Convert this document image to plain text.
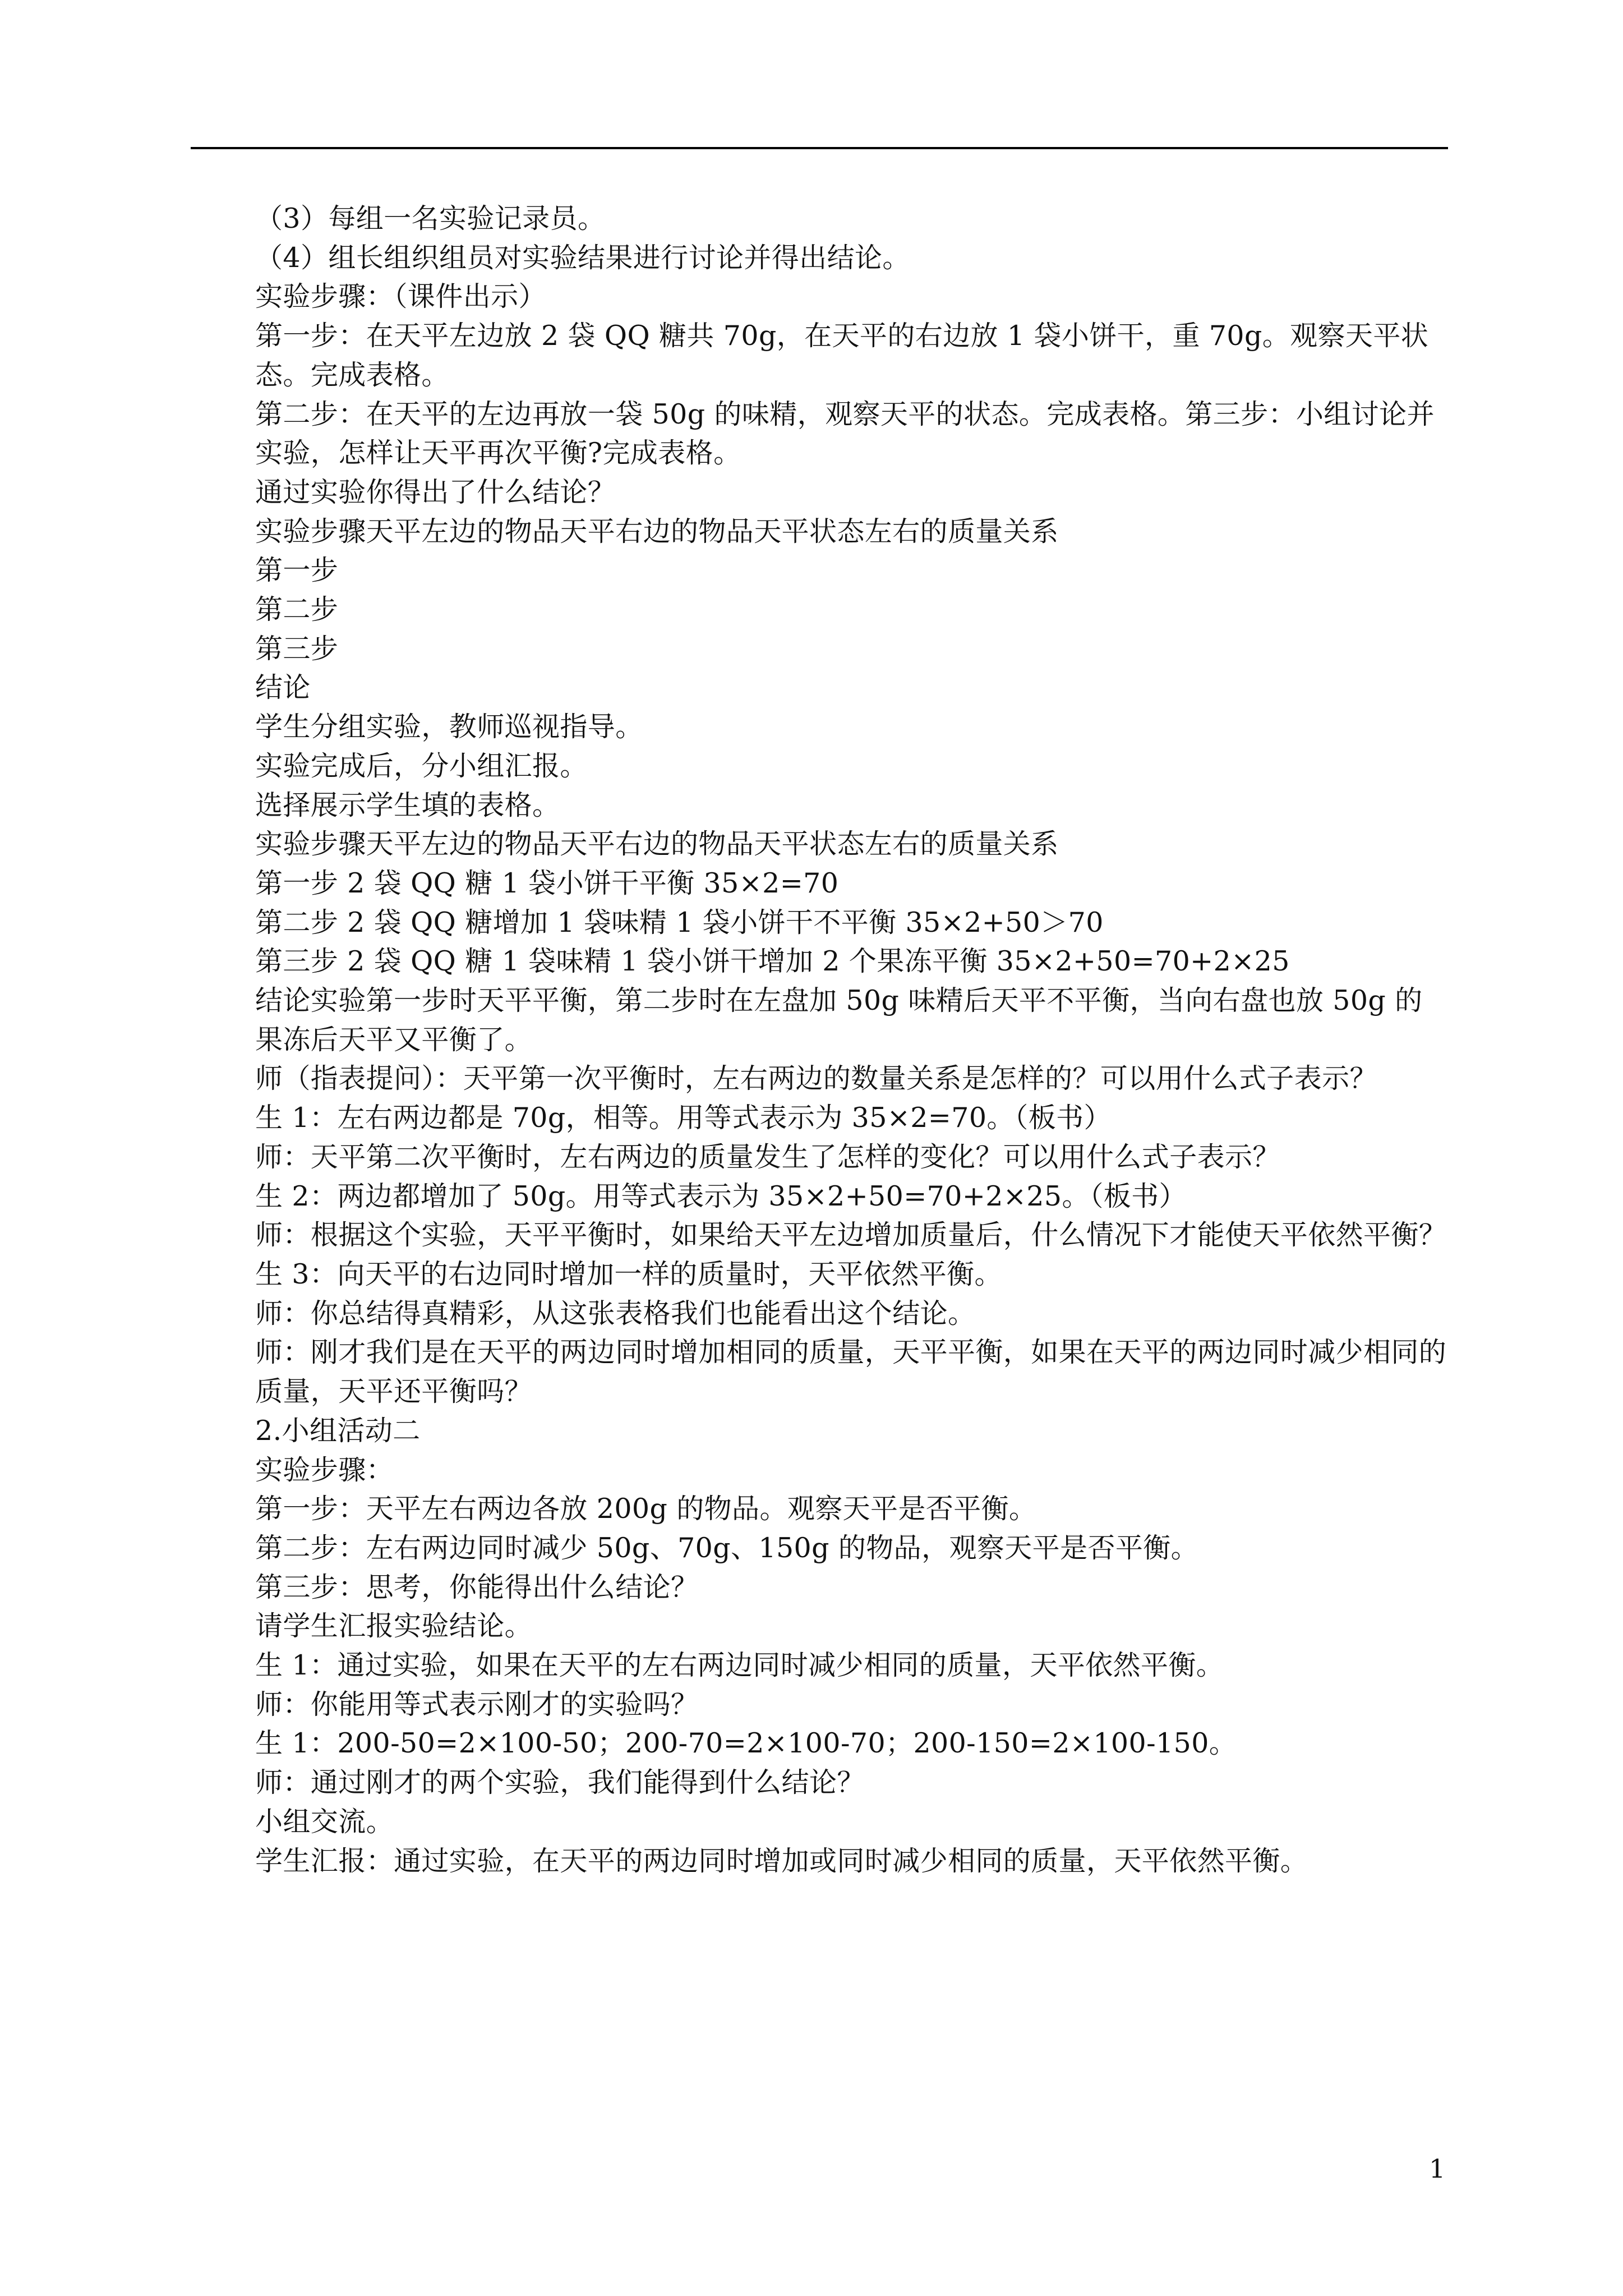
（3）每组一名实验记录员。

（4）组长组织组员对实验结果进行讨论并得出结论。

实验步骤：（课件出示）

第一步：在天平左边放 2 袋 QQ 糖共 70g，在天平的右边放 1 袋小饼干，重 70g。观察天平状态。完成表格。

第二步：在天平的左边再放一袋 50g 的味精，观察天平的状态。完成表格。第三步：小组讨论并实验，怎样让天平再次平衡?完成表格。

通过实验你得出了什么结论？

实验步骤天平左边的物品天平右边的物品天平状态左右的质量关系

第一步

第二步

第三步

结论

学生分组实验，教师巡视指导。

实验完成后，分小组汇报。

选择展示学生填的表格。

实验步骤天平左边的物品天平右边的物品天平状态左右的质量关系

第一步 2 袋 QQ 糖 1 袋小饼干平衡 35×2=70

第二步 2 袋 QQ 糖增加 1 袋味精 1 袋小饼干不平衡 35×2+50＞70

第三步 2 袋 QQ 糖 1 袋味精 1 袋小饼干增加 2 个果冻平衡 35×2+50=70+2×25

结论实验第一步时天平平衡，第二步时在左盘加 50g 味精后天平不平衡，当向右盘也放 50g 的果冻后天平又平衡了。

师（指表提问）：天平第一次平衡时，左右两边的数量关系是怎样的？可以用什么式子表示？

生 1：左右两边都是 70g，相等。用等式表示为 35×2=70。（板书）

师：天平第二次平衡时，左右两边的质量发生了怎样的变化？可以用什么式子表示？

生 2：两边都增加了 50g。用等式表示为 35×2+50=70+2×25。（板书）

师：根据这个实验，天平平衡时，如果给天平左边增加质量后，什么情况下才能使天平依然平衡？

生 3：向天平的右边同时增加一样的质量时，天平依然平衡。

师：你总结得真精彩，从这张表格我们也能看出这个结论。

师：刚才我们是在天平的两边同时增加相同的质量，天平平衡，如果在天平的两边同时减少相同的质量，天平还平衡吗？

2.小组活动二

实验步骤：

第一步：天平左右两边各放 200g 的物品。观察天平是否平衡。

第二步：左右两边同时减少 50g、70g、150g 的物品，观察天平是否平衡。

第三步：思考，你能得出什么结论？

请学生汇报实验结论。

生 1：通过实验，如果在天平的左右两边同时减少相同的质量，天平依然平衡。

师：你能用等式表示刚才的实验吗？

生 1：200-50=2×100-50；200-70=2×100-70；200-150=2×100-150。

师：通过刚才的两个实验，我们能得到什么结论？

小组交流。

学生汇报：通过实验，在天平的两边同时增加或同时减少相同的质量，天平依然平衡。

1
